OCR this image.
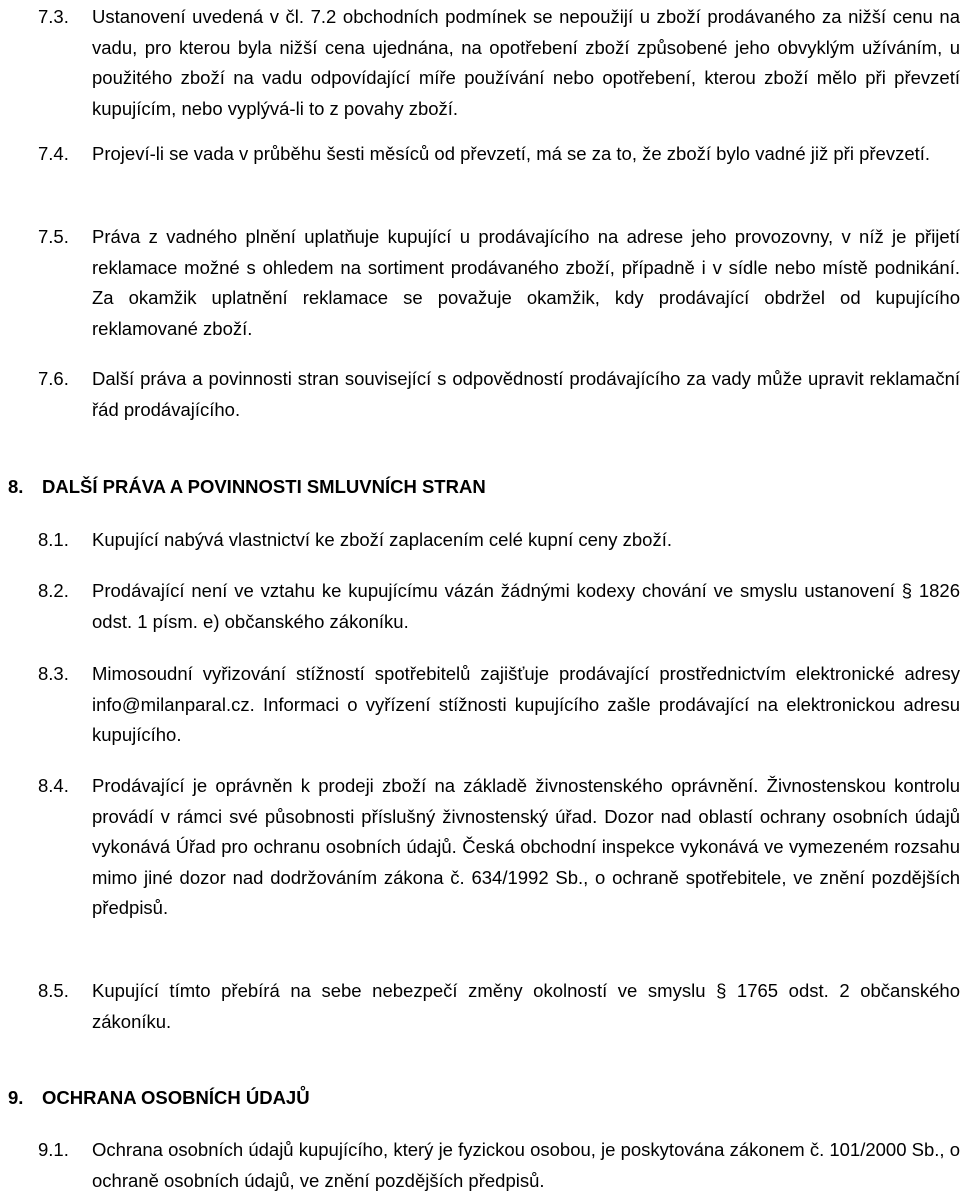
7.3. Ustanovení uvedená v čl. 7.2 obchodních podmínek se nepoužijí u zboží prodávaného za nižší cenu na vadu, pro kterou byla nižší cena ujednána, na opotřebení zboží způsobené jeho obvyklým užíváním, u použitého zboží na vadu odpovídající míře používání nebo opotřebení, kterou zboží mělo při převzetí kupujícím, nebo vyplývá-li to z povahy zboží.
7.4. Projeví-li se vada v průběhu šesti měsíců od převzetí, má se za to, že zboží bylo vadné již při převzetí.
7.5. Práva z vadného plnění uplatňuje kupující u prodávajícího na adrese jeho provozovny, v níž je přijetí reklamace možné s ohledem na sortiment prodávaného zboží, případně i v sídle nebo místě podnikání. Za okamžik uplatnění reklamace se považuje okamžik, kdy prodávající obdržel od kupujícího reklamované zboží.
7.6. Další práva a povinnosti stran související s odpovědností prodávajícího za vady může upravit reklamační řád prodávajícího.
8. DALŠÍ PRÁVA A POVINNOSTI SMLUVNÍCH STRAN
8.1. Kupující nabývá vlastnictví ke zboží zaplacením celé kupní ceny zboží.
8.2. Prodávající není ve vztahu ke kupujícímu vázán žádnými kodexy chování ve smyslu ustanovení § 1826 odst. 1 písm. e) občanského zákoníku.
8.3. Mimosoudní vyřizování stížností spotřebitelů zajišťuje prodávající prostřednictvím elektronické adresy info@milanparal.cz. Informaci o vyřízení stížnosti kupujícího zašle prodávající na elektronickou adresu kupujícího.
8.4. Prodávající je oprávněn k prodeji zboží na základě živnostenského oprávnění. Živnostenskou kontrolu provádí v rámci své působnosti příslušný živnostenský úřad. Dozor nad oblastí ochrany osobních údajů vykonává Úřad pro ochranu osobních údajů. Česká obchodní inspekce vykonává ve vymezeném rozsahu mimo jiné dozor nad dodržováním zákona č. 634/1992 Sb., o ochraně spotřebitele, ve znění pozdějších předpisů.
8.5. Kupující tímto přebírá na sebe nebezpečí změny okolností ve smyslu § 1765 odst. 2 občanského zákoníku.
9. OCHRANA OSOBNÍCH ÚDAJŮ
9.1. Ochrana osobních údajů kupujícího, který je fyzickou osobou, je poskytována zákonem č. 101/2000 Sb., o ochraně osobních údajů, ve znění pozdějších předpisů.
